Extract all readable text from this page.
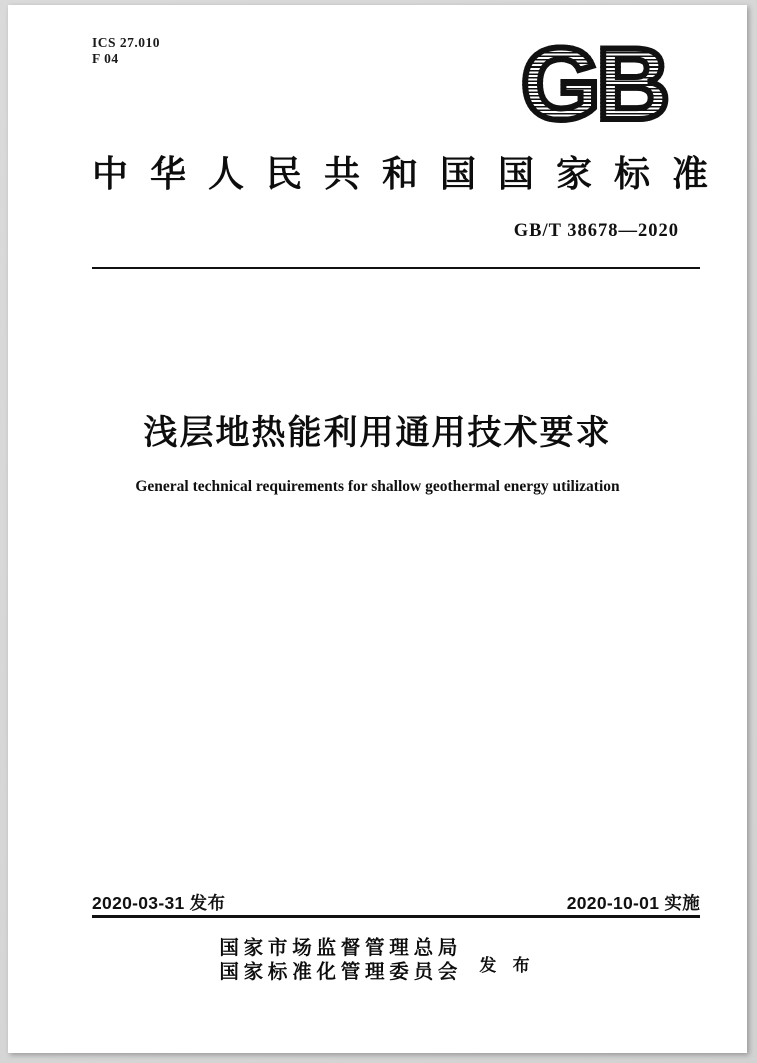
ICS 27.010
F 04	GB
中华人民共和国国家标准
GB/T 38678—2020
浅层地热能利用通用技术要求
General technical requirements for shallow geothermal energy utilization
2020-03-31 发布	2020-10-01 实施
国家市场监督管理总局
国家标准化管理委员会 发 布
